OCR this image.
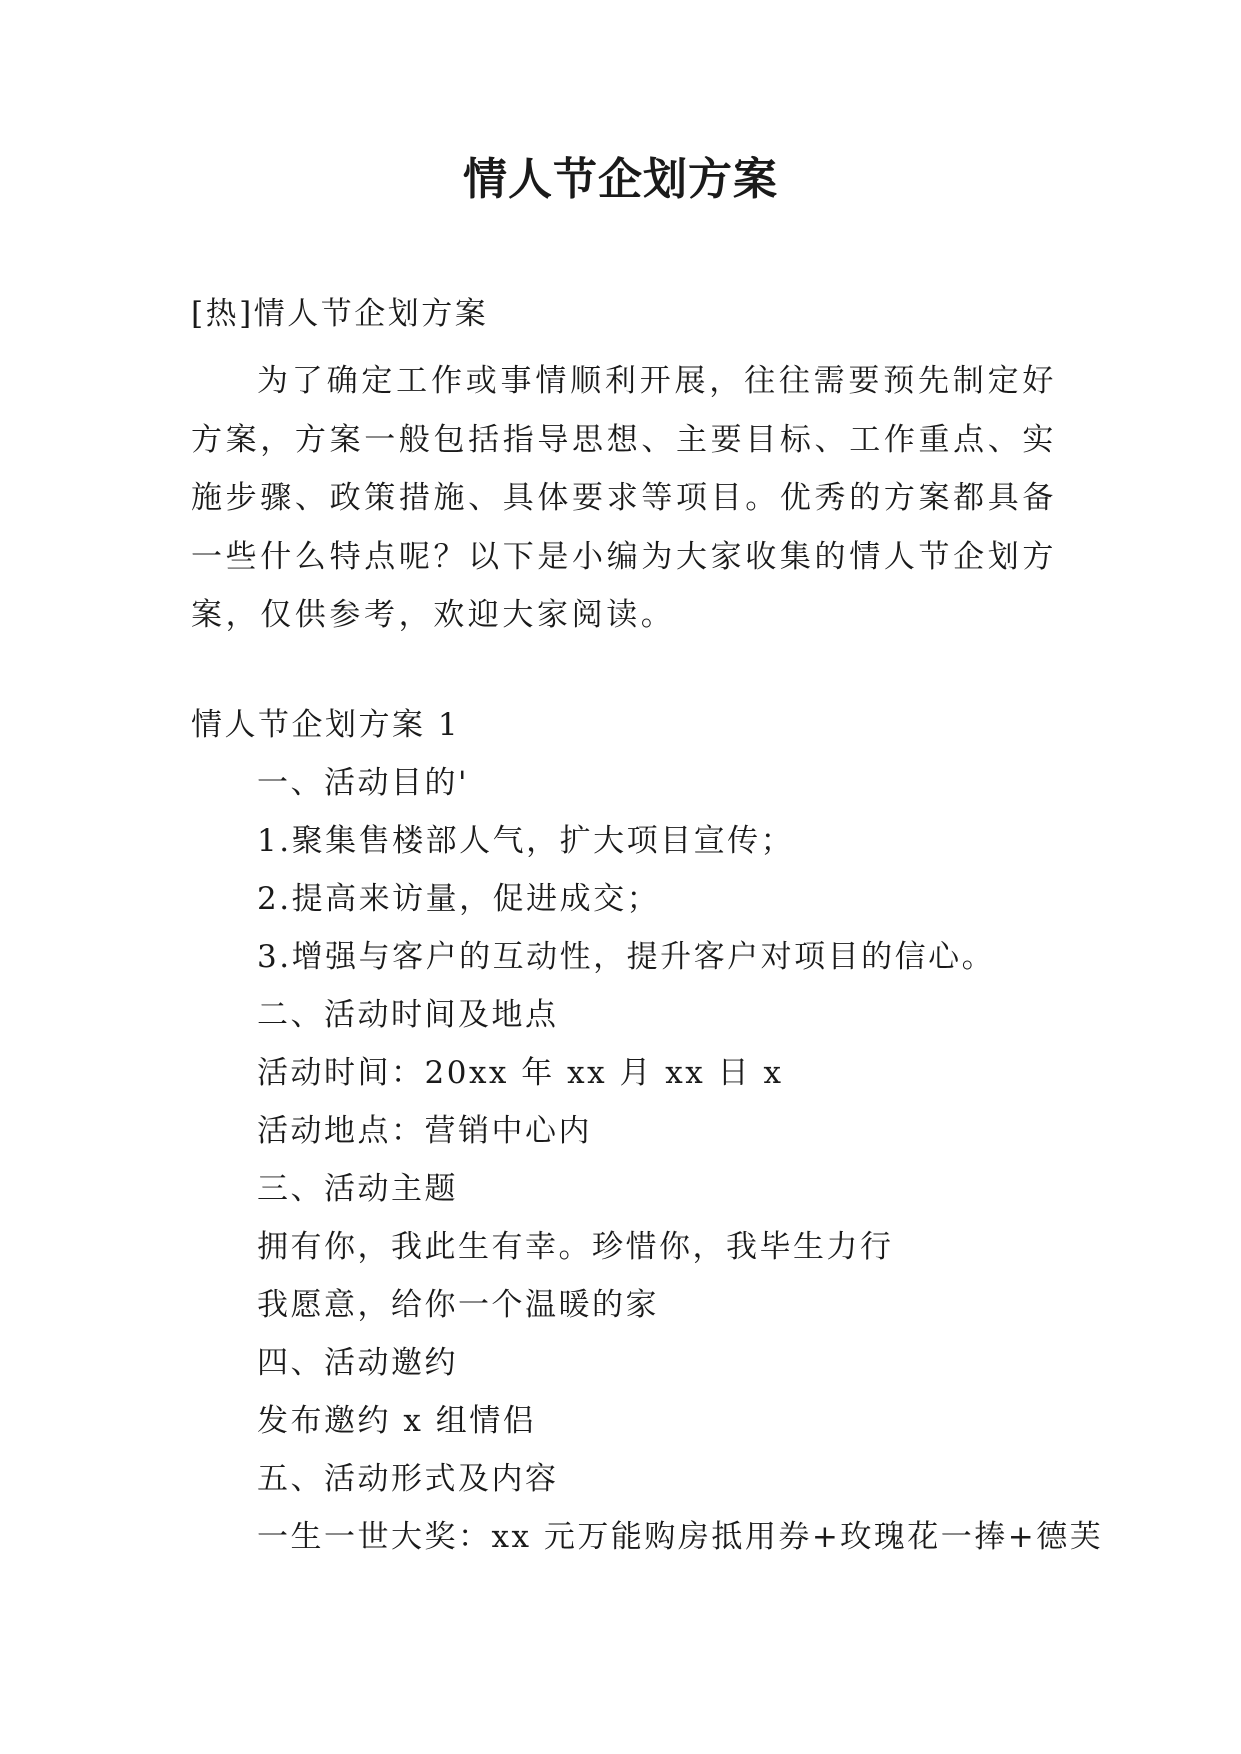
情人节企划方案
[热]情人节企划方案

为了确定工作或事情顺利开展，往往需要预先制定好方案，方案一般包括指导思想、主要目标、工作重点、实施步骤、政策措施、具体要求等项目。优秀的方案都具备一些什么特点呢？以下是小编为大家收集的情人节企划方案，仅供参考，欢迎大家阅读。

情人节企划方案 1
一、活动目的'
1.聚集售楼部人气，扩大项目宣传；
2.提高来访量，促进成交；
3.增强与客户的互动性，提升客户对项目的信心。
二、活动时间及地点
活动时间：20xx 年 xx 月 xx 日 x
活动地点：营销中心内
三、活动主题
拥有你，我此生有幸。珍惜你，我毕生力行
我愿意，给你一个温暖的家
四、活动邀约
发布邀约 x 组情侣
五、活动形式及内容
一生一世大奖：xx 元万能购房抵用券+玫瑰花一捧+德芙
